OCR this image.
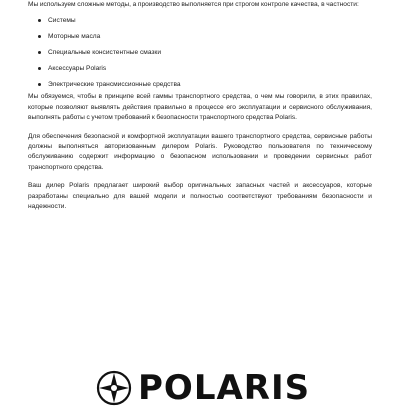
Мы используем сложные методы, а производство выполняется при строгом контроле качества, в частности:

Системы
Моторные масла
Специальные консистентные смазки
Аксессуары Polaris
Электрические трансмиссионные средства

Мы обязуемся, чтобы в принципе всей гаммы транспортного средства, о чем мы говорили, в этих правилах, которые позволяют выявлять действия правильно в процессе его эксплуатации и сервисного обслуживания, выполнять работы с учетом требований к безопасности транспортного средства Polaris.

Для обеспечения безопасной и комфортной эксплуатации вашего транспортного средства, сервисные работы должны выполняться авторизованным дилером Polaris. Руководство пользователя по техническому обслуживанию содержит информацию о безопасном использовании и проведении сервисных работ транспортного средства.

Ваш дилер Polaris предлагает широкий выбор оригинальных запасных частей и аксессуаров, которые разработаны специально для вашей модели и полностью соответствуют требованиям безопасности и надежности.

POLARIS
